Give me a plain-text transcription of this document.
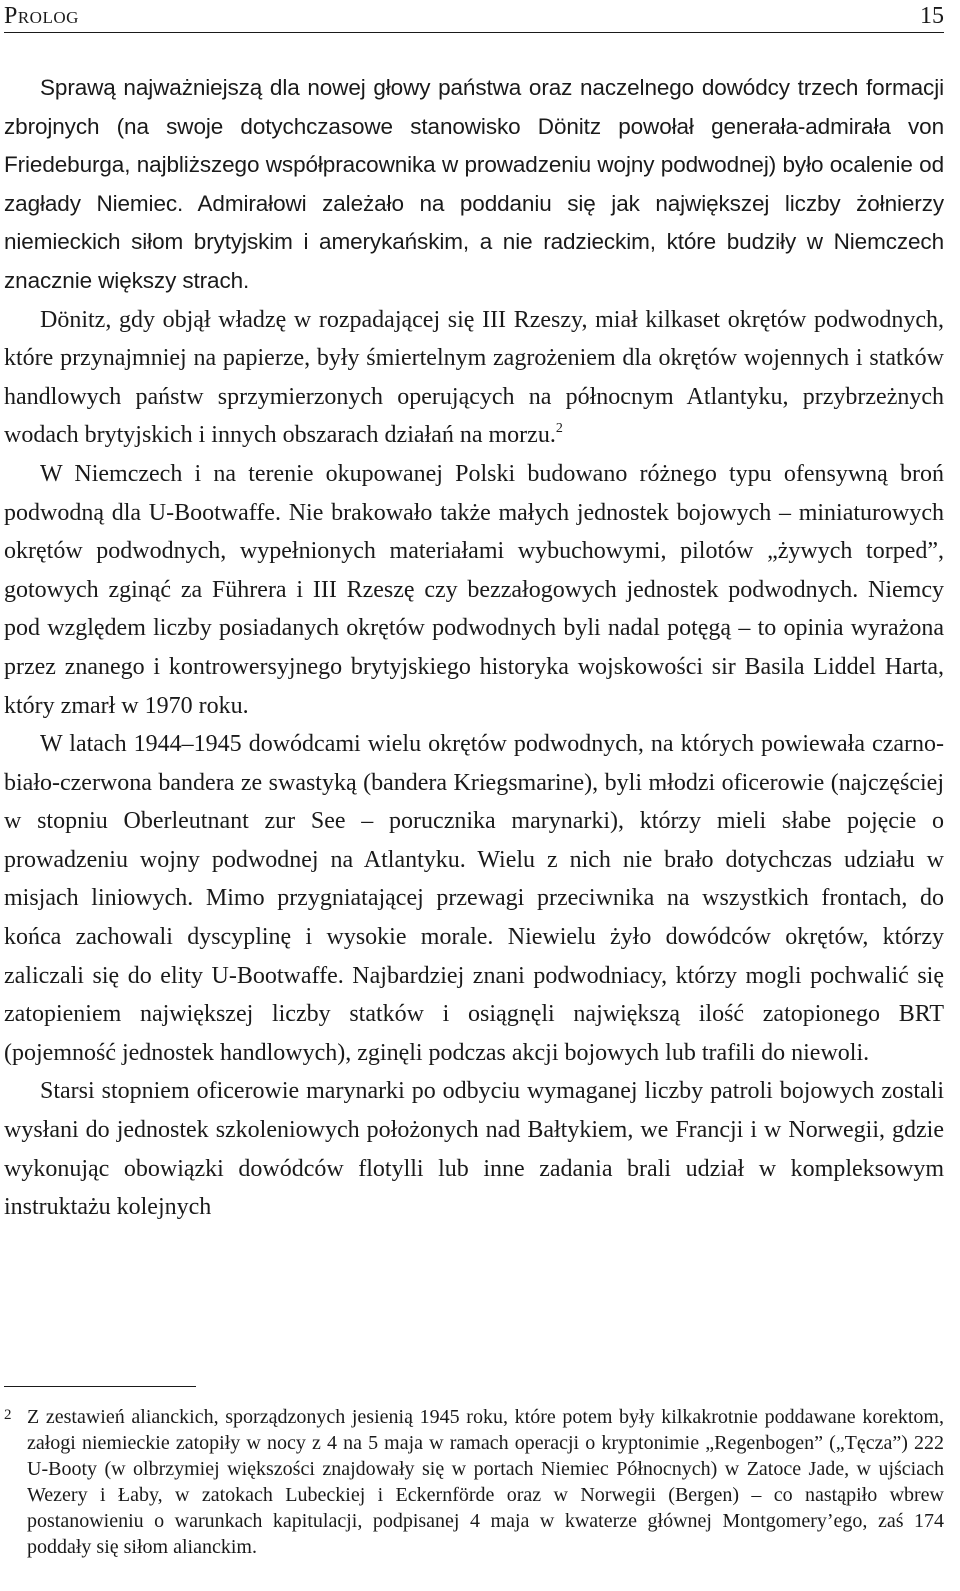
Prolog	15

Sprawą najważniejszą dla nowej głowy państwa oraz naczelnego dowódcy trzech formacji zbrojnych (na swoje dotychczasowe stanowisko Dönitz powołał generała-admirała von Friedeburga, najbliższego współpracownika w prowadzeniu wojny podwodnej) było ocalenie od zagłady Niemiec. Admirałowi zależało na poddaniu się jak największej liczby żołnierzy niemieckich siłom brytyjskim i amerykańskim, a nie radzieckim, które budziły w Niemczech znacznie większy strach.

Dönitz, gdy objął władzę w rozpadającej się III Rzeszy, miał kilkaset okrętów podwodnych, które przynajmniej na papierze, były śmiertelnym zagrożeniem dla okrętów wojennych i statków handlowych państw sprzymierzonych operujących na północnym Atlantyku, przybrzeżnych wodach brytyjskich i innych obszarach działań na morzu.$^2$

W Niemczech i na terenie okupowanej Polski budowano różnego typu ofensywną broń podwodną dla U-Bootwaffe. Nie brakowało także małych jednostek bojowych – miniaturowych okrętów podwodnych, wypełnionych materiałami wybuchowymi, pilotów „żywych torped”, gotowych zginąć za Führera i III Rzeszę czy bezzałogowych jednostek podwodnych. Niemcy pod względem liczby posiadanych okrętów podwodnych byli nadal potęgą – to opinia wyrażona przez znanego i kontrowersyjnego brytyjskiego historyka wojskowości sir Basila Liddel Harta, który zmarł w 1970 roku.

W latach 1944–1945 dowódcami wielu okrętów podwodnych, na których powiewała czarno-biało-czerwona bandera ze swastyką (bandera Kriegsmarine), byli młodzi oficerowie (najczęściej w stopniu Oberleutnant zur See – porucznika marynarki), którzy mieli słabe pojęcie o prowadzeniu wojny podwodnej na Atlantyku. Wielu z nich nie brało dotychczas udziału w misjach liniowych. Mimo przygniatającej przewagi przeciwnika na wszystkich frontach, do końca zachowali dyscyplinę i wysokie morale. Niewielu żyło dowódców okrętów, którzy zaliczali się do elity U-Bootwaffe. Najbardziej znani podwodniacy, którzy mogli pochwalić się zatopieniem największej liczby statków i osiągnęli największą ilość zatopionego BRT (pojemność jednostek handlowych), zginęli podczas akcji bojowych lub trafili do niewoli.

Starsi stopniem oficerowie marynarki po odbyciu wymaganej liczby patroli bojowych zostali wysłani do jednostek szkoleniowych położonych nad Bałtykiem, we Francji i w Norwegii, gdzie wykonując obowiązki dowódców flotylli lub inne zadania brali udział w kompleksowym instruktażu kolejnych

2 Z zestawień alianckich, sporządzonych jesienią 1945 roku, które potem były kilkakrotnie poddawane korektom, załogi niemieckie zatopiły w nocy z 4 na 5 maja w ramach operacji o kryptonimie „Regenbogen” („Tęcza”) 222 U-Booty (w olbrzymiej większości znajdowały się w portach Niemiec Północnych) w Zatoce Jade, w ujściach Wezery i Łaby, w zatokach Lubeckiej i Eckernförde oraz w Norwegii (Bergen) – co nastąpiło wbrew postanowieniu o warunkach kapitulacji, podpisanej 4 maja w kwaterze głównej Montgomery’ego, zaś 174 poddały się siłom alianckim.
